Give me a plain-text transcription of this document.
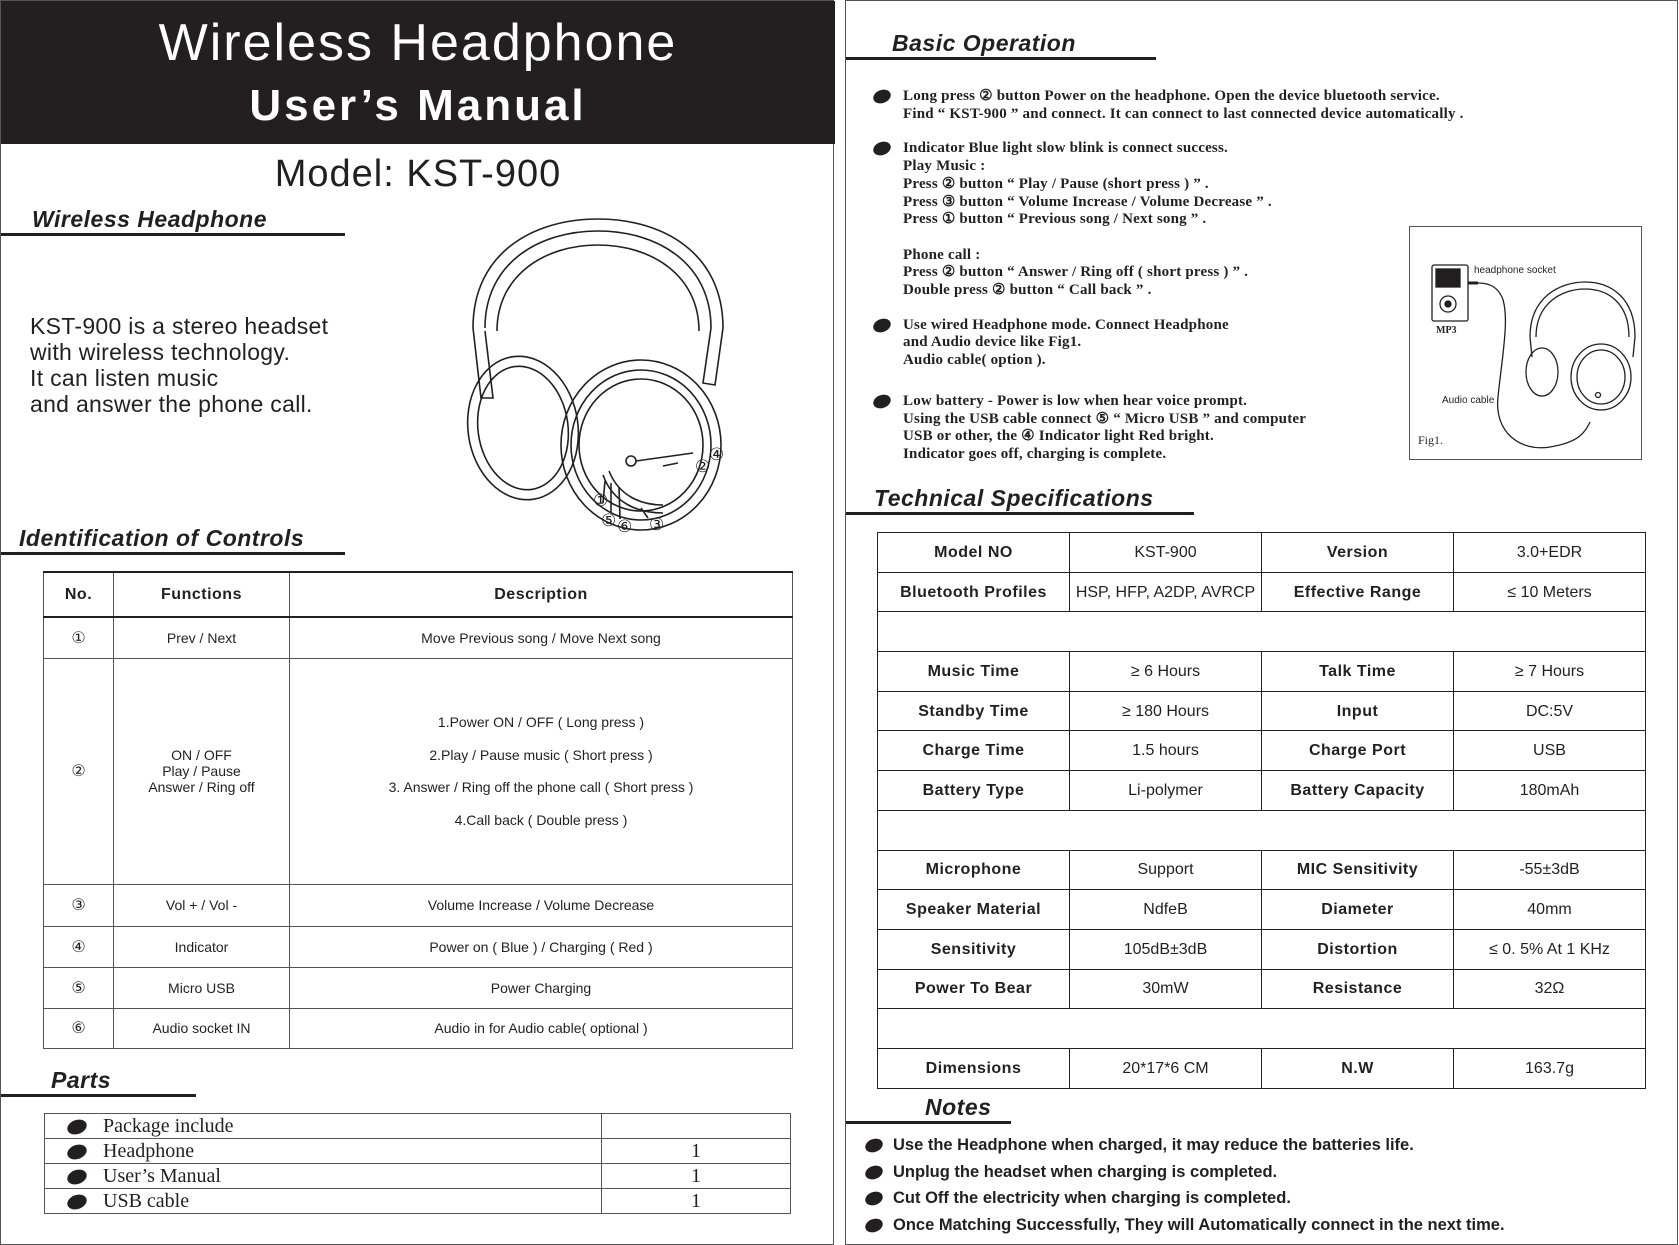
Wireless Headphone
User’s Manual
Model: KST-900
Wireless Headphone
KST-900 is a stereo headset
with wireless technology.
It can listen music
and answer the phone call.
④
②
①
⑤ ⑥ ③
Identification of Controls
No.	Functions	Description
①	Prev / Next	Move Previous song / Move Next song
②	ON / OFF
Play / Pause
Answer / Ring off	1.Power ON / OFF ( Long press )
2.Play / Pause music ( Short press )
3. Answer / Ring off the phone call ( Short press )
4.Call back ( Double press )

③	Vol + / Vol -	Volume Increase / Volume Decrease
④	Indicator	Power on ( Blue ) / Charging ( Red )
⑤	Micro USB	Power Charging
⑥	Audio socket IN	Audio in for Audio cable( optional )
Parts
Package include	
Headphone	1
User’s Manual	1
USB cable	1
Basic Operation
Long press ② button Power on the headphone. Open the device bluetooth service.
Find “ KST-900 ” and connect. It can connect to last connected device automatically .
Indicator Blue light slow blink is connect success.
Play Music :
Press ② button “ Play / Pause (short press ) ” .
Press ③ button “ Volume Increase / Volume Decrease ” .
Press ① button “ Previous song / Next song ” .
Phone call :
Press ② button “ Answer / Ring off ( short press ) ” .
Double press ② button “ Call back ” .
Use wired Headphone mode. Connect Headphone
and Audio device like Fig1.
Audio cable( option ).
Low battery - Power is low when hear voice prompt.
Using the USB cable connect ⑤ “ Micro USB ” and computer
USB or other, the ④ Indicator light Red bright.
Indicator goes off, charging is complete.
headphone socket
MP3
Audio cable
Fig1.
Technical Specifications
Model NO	KST-900	Version	3.0+EDR
Bluetooth Profiles	HSP, HFP, A2DP, AVRCP	Effective Range	≤ 10 Meters

Music Time	≥ 6 Hours	Talk Time	≥ 7 Hours
Standby Time	≥ 180 Hours	Input	DC:5V
Charge Time	1.5 hours	Charge Port	USB
Battery Type	Li-polymer	Battery Capacity	180mAh

Microphone	Support	MIC Sensitivity	-55±3dB
Speaker Material	NdfeB	Diameter	40mm
Sensitivity	105dB±3dB	Distortion	≤ 0. 5% At 1 KHz
Power To Bear	30mW	Resistance	32Ω

Dimensions	20*17*6 CM	N.W	163.7g
Notes
Use the Headphone when charged, it may reduce the batteries life.
Unplug the headset when charging is completed.
Cut Off the electricity when charging is completed.
Once Matching Successfully, They will Automatically connect in the next time.
